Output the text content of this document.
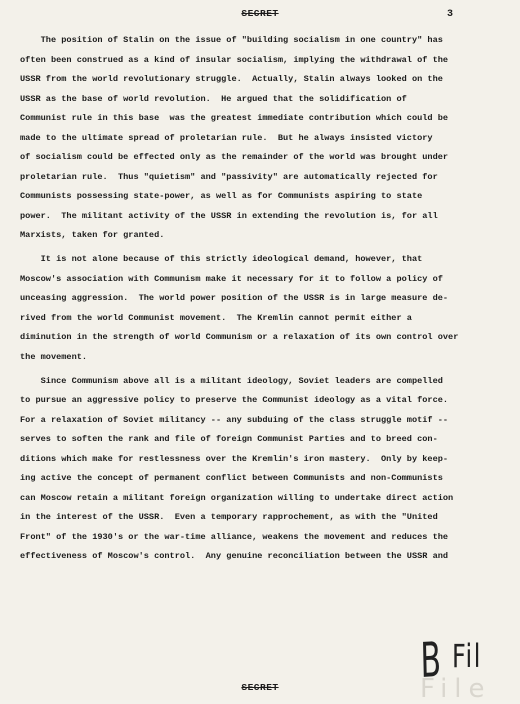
SECRET	3
The position of Stalin on the issue of "building socialism in one country" has
often been construed as a kind of insular socialism, implying the withdrawal of the
USSR from the world revolutionary struggle.  Actually, Stalin always looked on the
USSR as the base of world revolution.  He argued that the solidification of
Communist rule in this base  was the greatest immediate contribution which could be
made to the ultimate spread of proletarian rule.  But he always insisted victory
of socialism could be effected only as the remainder of the world was brought under
proletarian rule.  Thus "quietism" and "passivity" are automatically rejected for
Communists possessing state-power, as well as for Communists aspiring to state
power.  The militant activity of the USSR in extending the revolution is, for all
Marxists, taken for granted.
It is not alone because of this strictly ideological demand, however, that
Moscow's association with Communism make it necessary for it to follow a policy of
unceasing aggression.  The world power position of the USSR is in large measure de-
rived from the world Communist movement.  The Kremlin cannot permit either a
diminution in the strength of world Communism or a relaxation of its own control over
the movement.
Since Communism above all is a militant ideology, Soviet leaders are compelled
to pursue an aggressive policy to preserve the Communist ideology as a vital force.
For a relaxation of Soviet militancy -- any subduing of the class struggle motif --
serves to soften the rank and file of foreign Communist Parties and to breed con-
ditions which make for restlessness over the Kremlin's iron mastery.  Only by keep-
ing active the concept of permanent conflict between Communists and non-Communists
can Moscow retain a militant foreign organization willing to undertake direct action
in the interest of the USSR.  Even a temporary rapprochement, as with the "United
Front" of the 1930's or the war-time alliance, weakens the movement and reduces the
effectiveness of Moscow's control.  Any genuine reconciliation between the USSR and
B Fil
File
SECRET
